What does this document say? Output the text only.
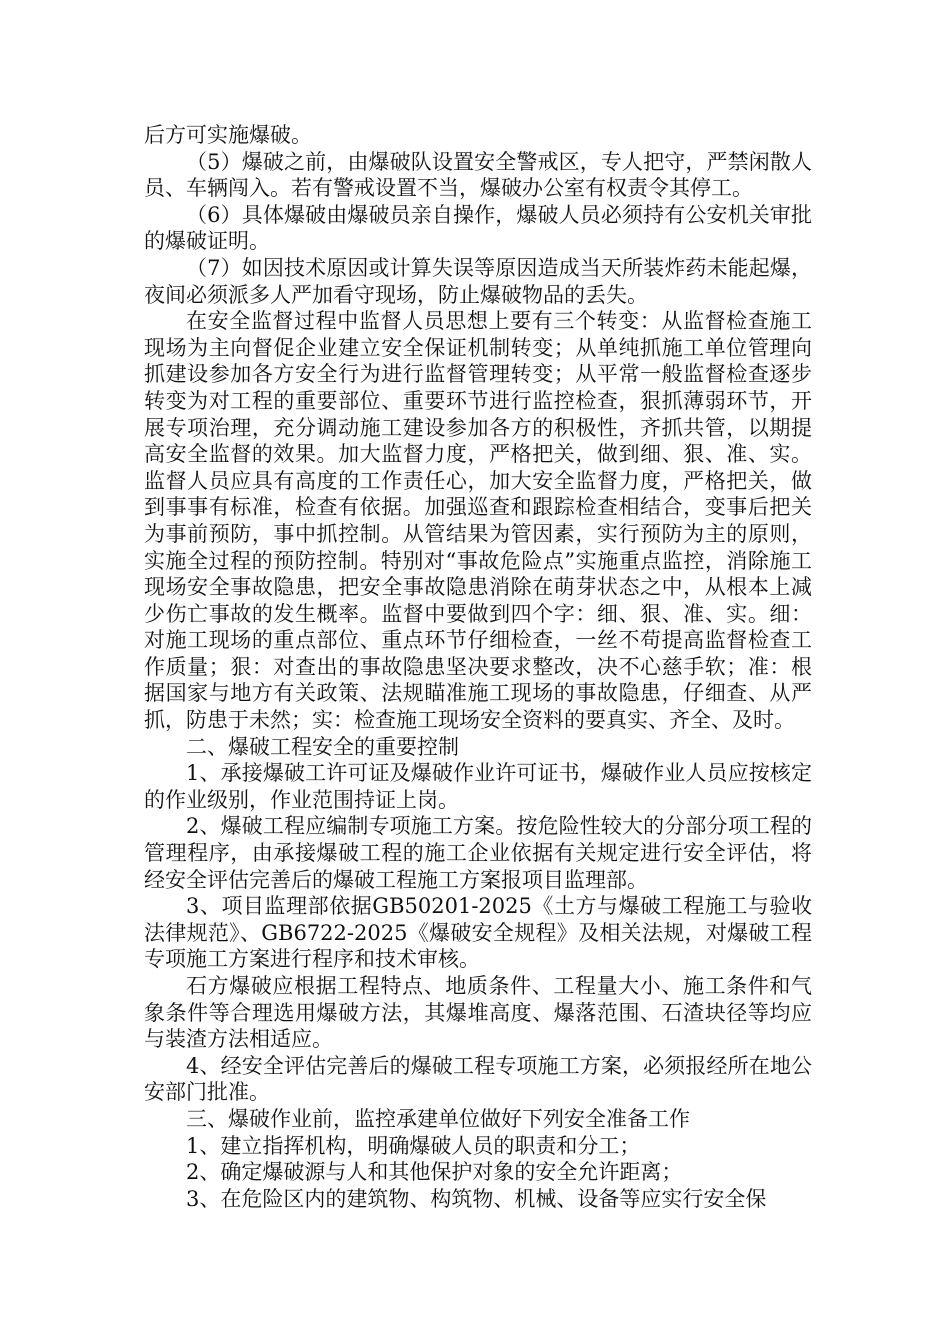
后方可实施爆破。

（5）爆破之前，由爆破队设置安全警戒区，专人把守，严禁闲散人员、车辆闯入。若有警戒设置不当，爆破办公室有权责令其停工。

（6）具体爆破由爆破员亲自操作，爆破人员必须持有公安机关审批的爆破证明。

（7）如因技术原因或计算失误等原因造成当天所装炸药未能起爆，夜间必须派多人严加看守现场，防止爆破物品的丢失。

在安全监督过程中监督人员思想上要有三个转变：从监督检查施工现场为主向督促企业建立安全保证机制转变；从单纯抓施工单位管理向抓建设参加各方安全行为进行监督管理转变；从平常一般监督检查逐步转变为对工程的重要部位、重要环节进行监控检查，狠抓薄弱环节，开展专项治理，充分调动施工建设参加各方的积极性，齐抓共管，以期提高安全监督的效果。加大监督力度，严格把关，做到细、狠、准、实。监督人员应具有高度的工作责任心，加大安全监督力度，严格把关，做到事事有标准，检查有依据。加强巡查和跟踪检查相结合，变事后把关为事前预防，事中抓控制。从管结果为管因素，实行预防为主的原则，实施全过程的预防控制。特别对“事故危险点”实施重点监控，消除施工现场安全事故隐患，把安全事故隐患消除在萌芽状态之中，从根本上减少伤亡事故的发生概率。监督中要做到四个字：细、狠、准、实。细：对施工现场的重点部位、重点环节仔细检查，一丝不苟提高监督检查工作质量；狠：对查出的事故隐患坚决要求整改，决不心慈手软；准：根据国家与地方有关政策、法规瞄准施工现场的事故隐患，仔细查、从严抓，防患于未然；实：检查施工现场安全资料的要真实、齐全、及时。

二、爆破工程安全的重要控制

1、承接爆破工许可证及爆破作业许可证书，爆破作业人员应按核定的作业级别，作业范围持证上岗。

2、爆破工程应编制专项施工方案。按危险性较大的分部分项工程的管理程序，由承接爆破工程的施工企业依据有关规定进行安全评估，将经安全评估完善后的爆破工程施工方案报项目监理部。

3、项目监理部依据GB50201-2025《土方与爆破工程施工与验收法律规范》、GB6722-2025《爆破安全规程》及相关法规，对爆破工程专项施工方案进行程序和技术审核。

石方爆破应根据工程特点、地质条件、工程量大小、施工条件和气象条件等合理选用爆破方法，其爆堆高度、爆落范围、石渣块径等均应与装渣方法相适应。

4、经安全评估完善后的爆破工程专项施工方案，必须报经所在地公安部门批准。

三、爆破作业前，监控承建单位做好下列安全准备工作

1、建立指挥机构，明确爆破人员的职责和分工；

2、确定爆破源与人和其他保护对象的安全允许距离；

3、在危险区内的建筑物、构筑物、机械、设备等应实行安全保
